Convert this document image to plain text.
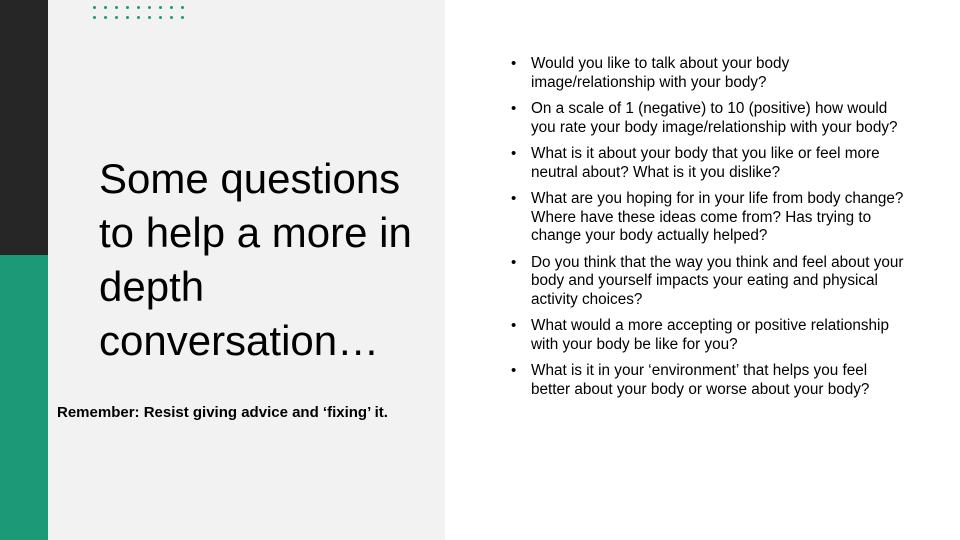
Some questions to help a more in depth conversation…

Remember: Resist giving advice and ‘fixing’ it.

• Would you like to talk about your body image/relationship with your body?
• On a scale of 1 (negative) to 10 (positive) how would you rate your body image/relationship with your body?
• What is it about your body that you like or feel more neutral about? What is it you dislike?
• What are you hoping for in your life from body change? Where have these ideas come from? Has trying to change your body actually helped?
• Do you think that the way you think and feel about your body and yourself impacts your eating and physical activity choices?
• What would a more accepting or positive relationship with your body be like for you?
• What is it in your ‘environment’ that helps you feel better about your body or worse about your body?
